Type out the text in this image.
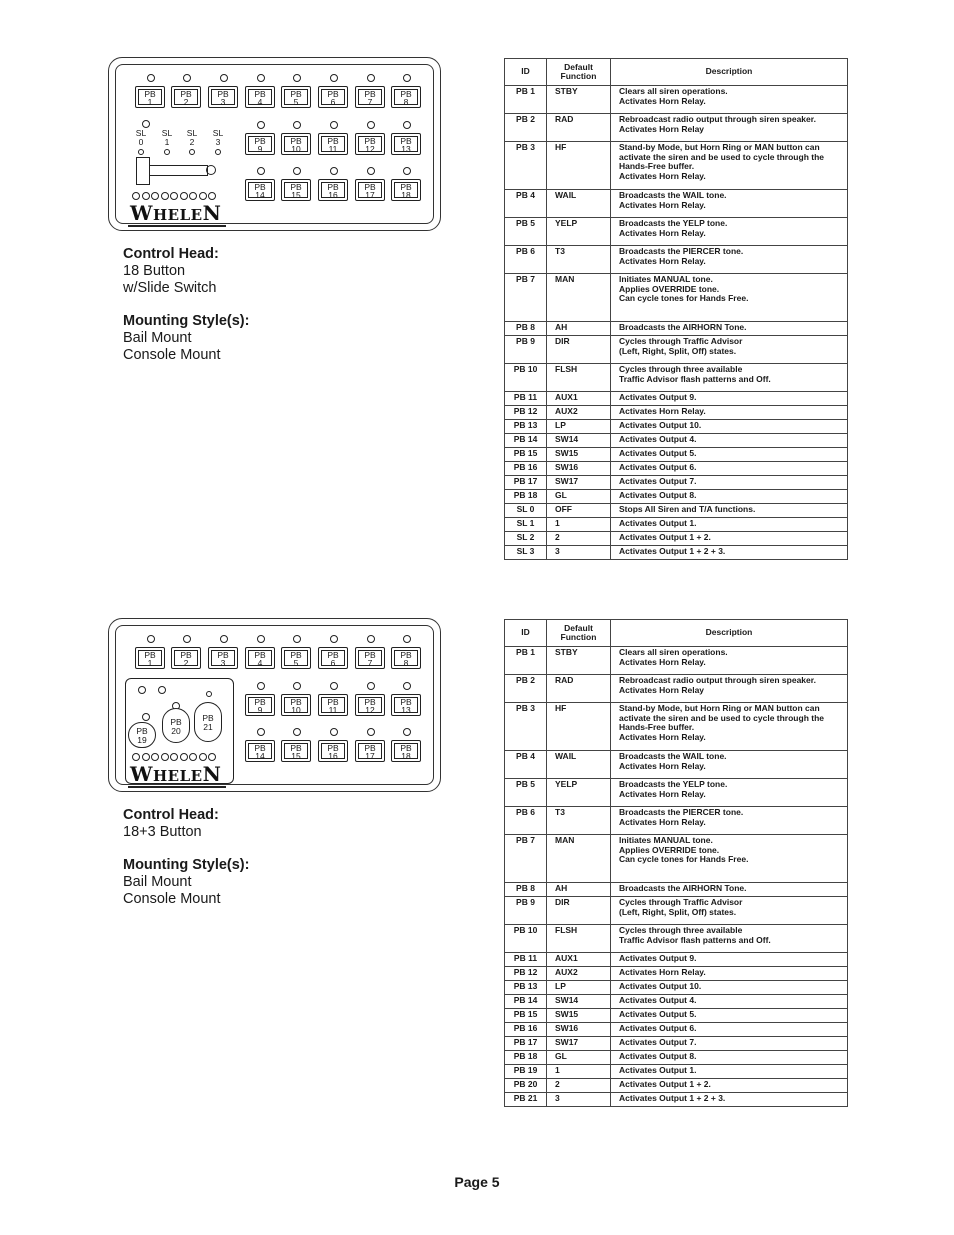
PB
1
PB
2
PB
3
PB
4
PB
5
PB
6
PB
7
PB
8
PB
9
PB
10
PB
11
PB
12
PB
13
PB
14
PB
15
PB
16
PB
17
PB
18
WHELEN
SL
0
SL
1
SL
2
SL
3
Control Head:
18 Button
w/Slide Switch
Mounting Style(s):
Bail Mount
Console Mount
ID	Default
Function	Description
PB 1	STBY	Clears all siren operations.
Activates Horn Relay.
PB 2	RAD	Rebroadcast radio output through siren speaker.
Activates Horn Relay
PB 3	HF	Stand-by Mode, but Horn Ring or MAN button can
activate the siren and be used to cycle through the
Hands-Free buffer.
Activates Horn Relay.
PB 4	WAIL	Broadcasts the WAIL tone.
Activates Horn Relay.
PB 5	YELP	Broadcasts the YELP tone.
Activates Horn Relay.
PB 6	T3	Broadcasts the PIERCER tone.
Activates Horn Relay.
PB 7	MAN	Initiates MANUAL tone.
Applies OVERRIDE tone.
Can cycle tones for Hands Free.

PB 8	AH	Broadcasts the AIRHORN Tone.
PB 9	DIR	Cycles through Traffic Advisor
(Left, Right, Split, Off) states.
PB 10	FLSH	Cycles through three available
Traffic Advisor flash patterns and Off.
PB 11	AUX1	Activates Output 9.
PB 12	AUX2	Activates Horn Relay.
PB 13	LP	Activates Output 10.
PB 14	SW14	Activates Output 4.
PB 15	SW15	Activates Output 5.
PB 16	SW16	Activates Output 6.
PB 17	SW17	Activates Output 7.
PB 18	GL	Activates Output 8.
SL 0	OFF	Stops All Siren and T/A functions.
SL 1	1	Activates Output 1.
SL 2	2	Activates Output 1 + 2.
SL 3	3	Activates Output 1 + 2 + 3.
PB
1
PB
2
PB
3
PB
4
PB
5
PB
6
PB
7
PB
8
PB
9
PB
10
PB
11
PB
12
PB
13
PB
14
PB
15
PB
16
PB
17
PB
18
WHELEN
PB
19
PB
20
PB
21
Control Head:
18+3 Button
Mounting Style(s):
Bail Mount
Console Mount
ID	Default
Function	Description
PB 1	STBY	Clears all siren operations.
Activates Horn Relay.
PB 2	RAD	Rebroadcast radio output through siren speaker.
Activates Horn Relay
PB 3	HF	Stand-by Mode, but Horn Ring or MAN button can
activate the siren and be used to cycle through the
Hands-Free buffer.
Activates Horn Relay.
PB 4	WAIL	Broadcasts the WAIL tone.
Activates Horn Relay.
PB 5	YELP	Broadcasts the YELP tone.
Activates Horn Relay.
PB 6	T3	Broadcasts the PIERCER tone.
Activates Horn Relay.
PB 7	MAN	Initiates MANUAL tone.
Applies OVERRIDE tone.
Can cycle tones for Hands Free.

PB 8	AH	Broadcasts the AIRHORN Tone.
PB 9	DIR	Cycles through Traffic Advisor
(Left, Right, Split, Off) states.
PB 10	FLSH	Cycles through three available
Traffic Advisor flash patterns and Off.
PB 11	AUX1	Activates Output 9.
PB 12	AUX2	Activates Horn Relay.
PB 13	LP	Activates Output 10.
PB 14	SW14	Activates Output 4.
PB 15	SW15	Activates Output 5.
PB 16	SW16	Activates Output 6.
PB 17	SW17	Activates Output 7.
PB 18	GL	Activates Output 8.
PB 19	1	Activates Output 1.
PB 20	2	Activates Output 1 + 2.
PB 21	3	Activates Output 1 + 2 + 3.
Page 5
